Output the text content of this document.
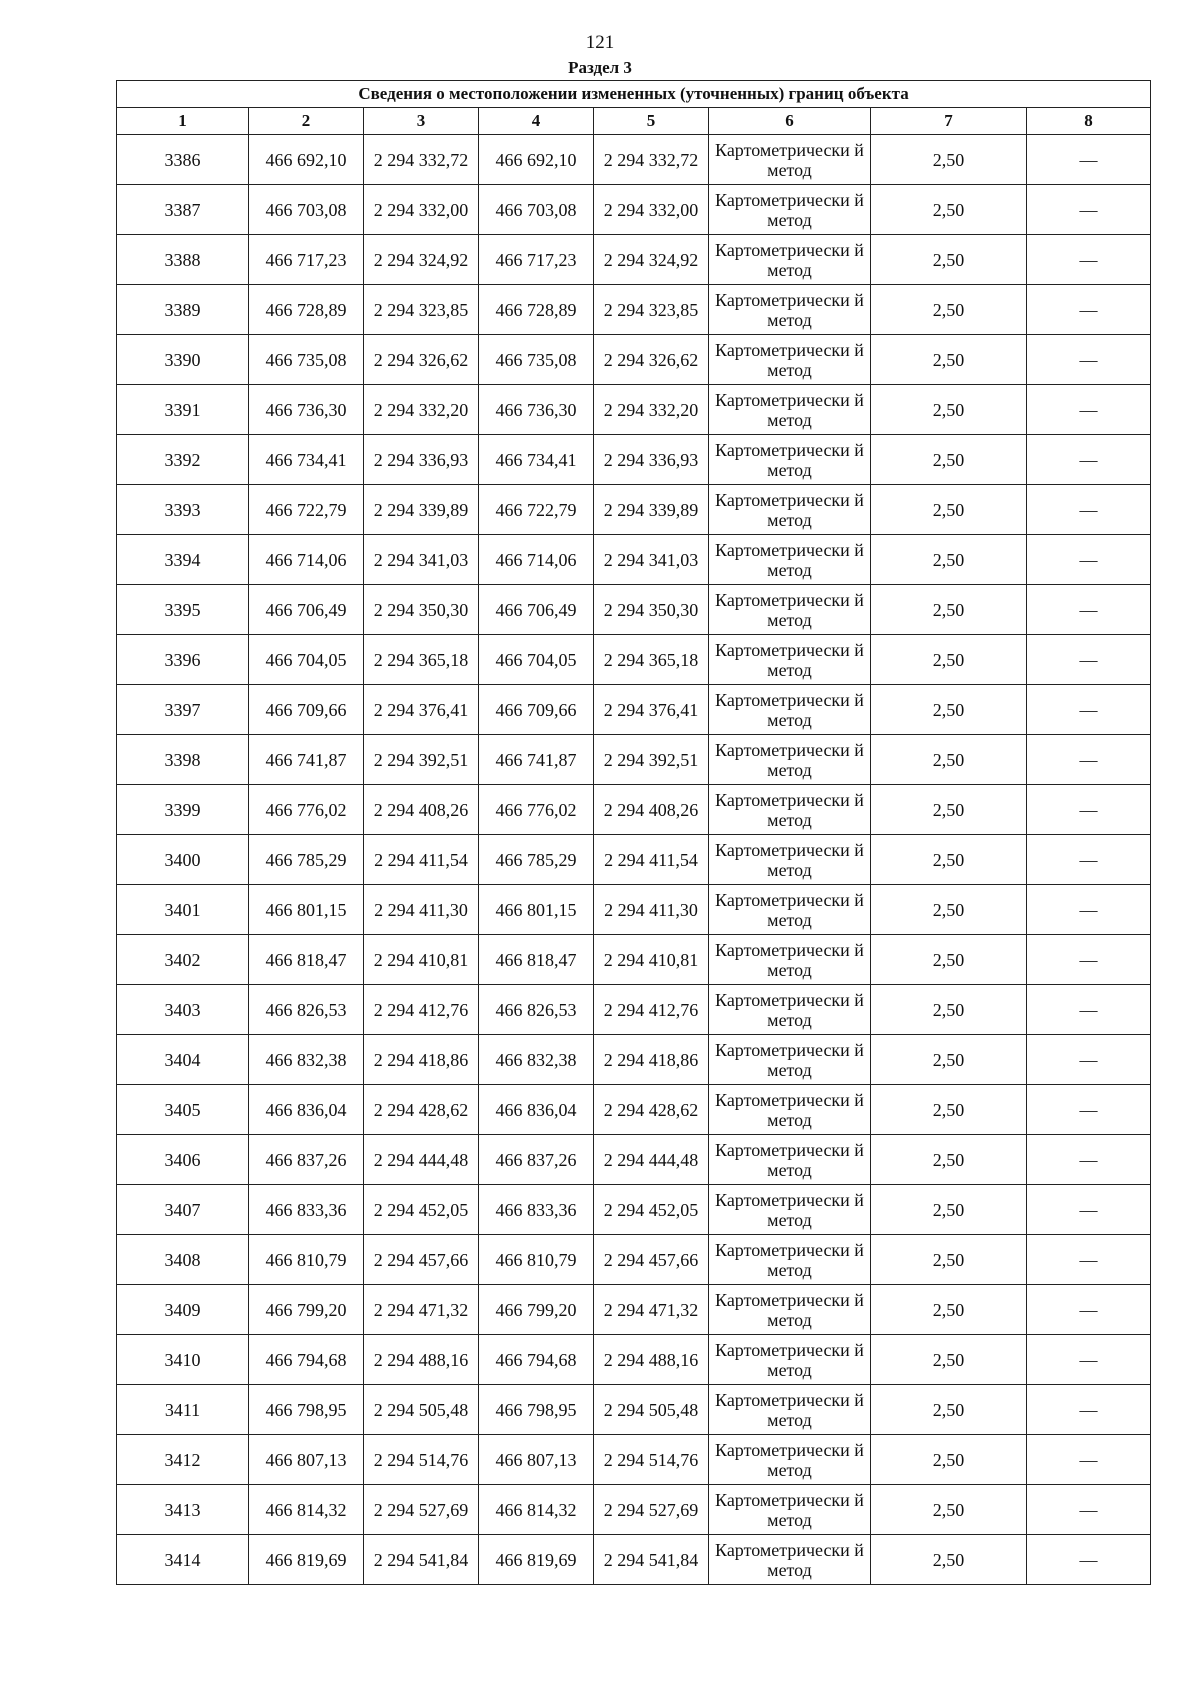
121
Раздел 3
Сведения о местоположении измененных (уточненных) границ объекта							
1	2	3	4	5	6	7	8
3386	466 692,10	2 294 332,72	466 692,10	2 294 332,72	Картометрически й метод	2,50	—
3387	466 703,08	2 294 332,00	466 703,08	2 294 332,00	Картометрически й метод	2,50	—
3388	466 717,23	2 294 324,92	466 717,23	2 294 324,92	Картометрически й метод	2,50	—
3389	466 728,89	2 294 323,85	466 728,89	2 294 323,85	Картометрически й метод	2,50	—
3390	466 735,08	2 294 326,62	466 735,08	2 294 326,62	Картометрически й метод	2,50	—
3391	466 736,30	2 294 332,20	466 736,30	2 294 332,20	Картометрически й метод	2,50	—
3392	466 734,41	2 294 336,93	466 734,41	2 294 336,93	Картометрически й метод	2,50	—
3393	466 722,79	2 294 339,89	466 722,79	2 294 339,89	Картометрически й метод	2,50	—
3394	466 714,06	2 294 341,03	466 714,06	2 294 341,03	Картометрически й метод	2,50	—
3395	466 706,49	2 294 350,30	466 706,49	2 294 350,30	Картометрически й метод	2,50	—
3396	466 704,05	2 294 365,18	466 704,05	2 294 365,18	Картометрически й метод	2,50	—
3397	466 709,66	2 294 376,41	466 709,66	2 294 376,41	Картометрически й метод	2,50	—
3398	466 741,87	2 294 392,51	466 741,87	2 294 392,51	Картометрически й метод	2,50	—
3399	466 776,02	2 294 408,26	466 776,02	2 294 408,26	Картометрически й метод	2,50	—
3400	466 785,29	2 294 411,54	466 785,29	2 294 411,54	Картометрически й метод	2,50	—
3401	466 801,15	2 294 411,30	466 801,15	2 294 411,30	Картометрически й метод	2,50	—
3402	466 818,47	2 294 410,81	466 818,47	2 294 410,81	Картометрически й метод	2,50	—
3403	466 826,53	2 294 412,76	466 826,53	2 294 412,76	Картометрически й метод	2,50	—
3404	466 832,38	2 294 418,86	466 832,38	2 294 418,86	Картометрически й метод	2,50	—
3405	466 836,04	2 294 428,62	466 836,04	2 294 428,62	Картометрически й метод	2,50	—
3406	466 837,26	2 294 444,48	466 837,26	2 294 444,48	Картометрически й метод	2,50	—
3407	466 833,36	2 294 452,05	466 833,36	2 294 452,05	Картометрически й метод	2,50	—
3408	466 810,79	2 294 457,66	466 810,79	2 294 457,66	Картометрически й метод	2,50	—
3409	466 799,20	2 294 471,32	466 799,20	2 294 471,32	Картометрически й метод	2,50	—
3410	466 794,68	2 294 488,16	466 794,68	2 294 488,16	Картометрически й метод	2,50	—
3411	466 798,95	2 294 505,48	466 798,95	2 294 505,48	Картометрически й метод	2,50	—
3412	466 807,13	2 294 514,76	466 807,13	2 294 514,76	Картометрически й метод	2,50	—
3413	466 814,32	2 294 527,69	466 814,32	2 294 527,69	Картометрически й метод	2,50	—
3414	466 819,69	2 294 541,84	466 819,69	2 294 541,84	Картометрически й метод	2,50	—
